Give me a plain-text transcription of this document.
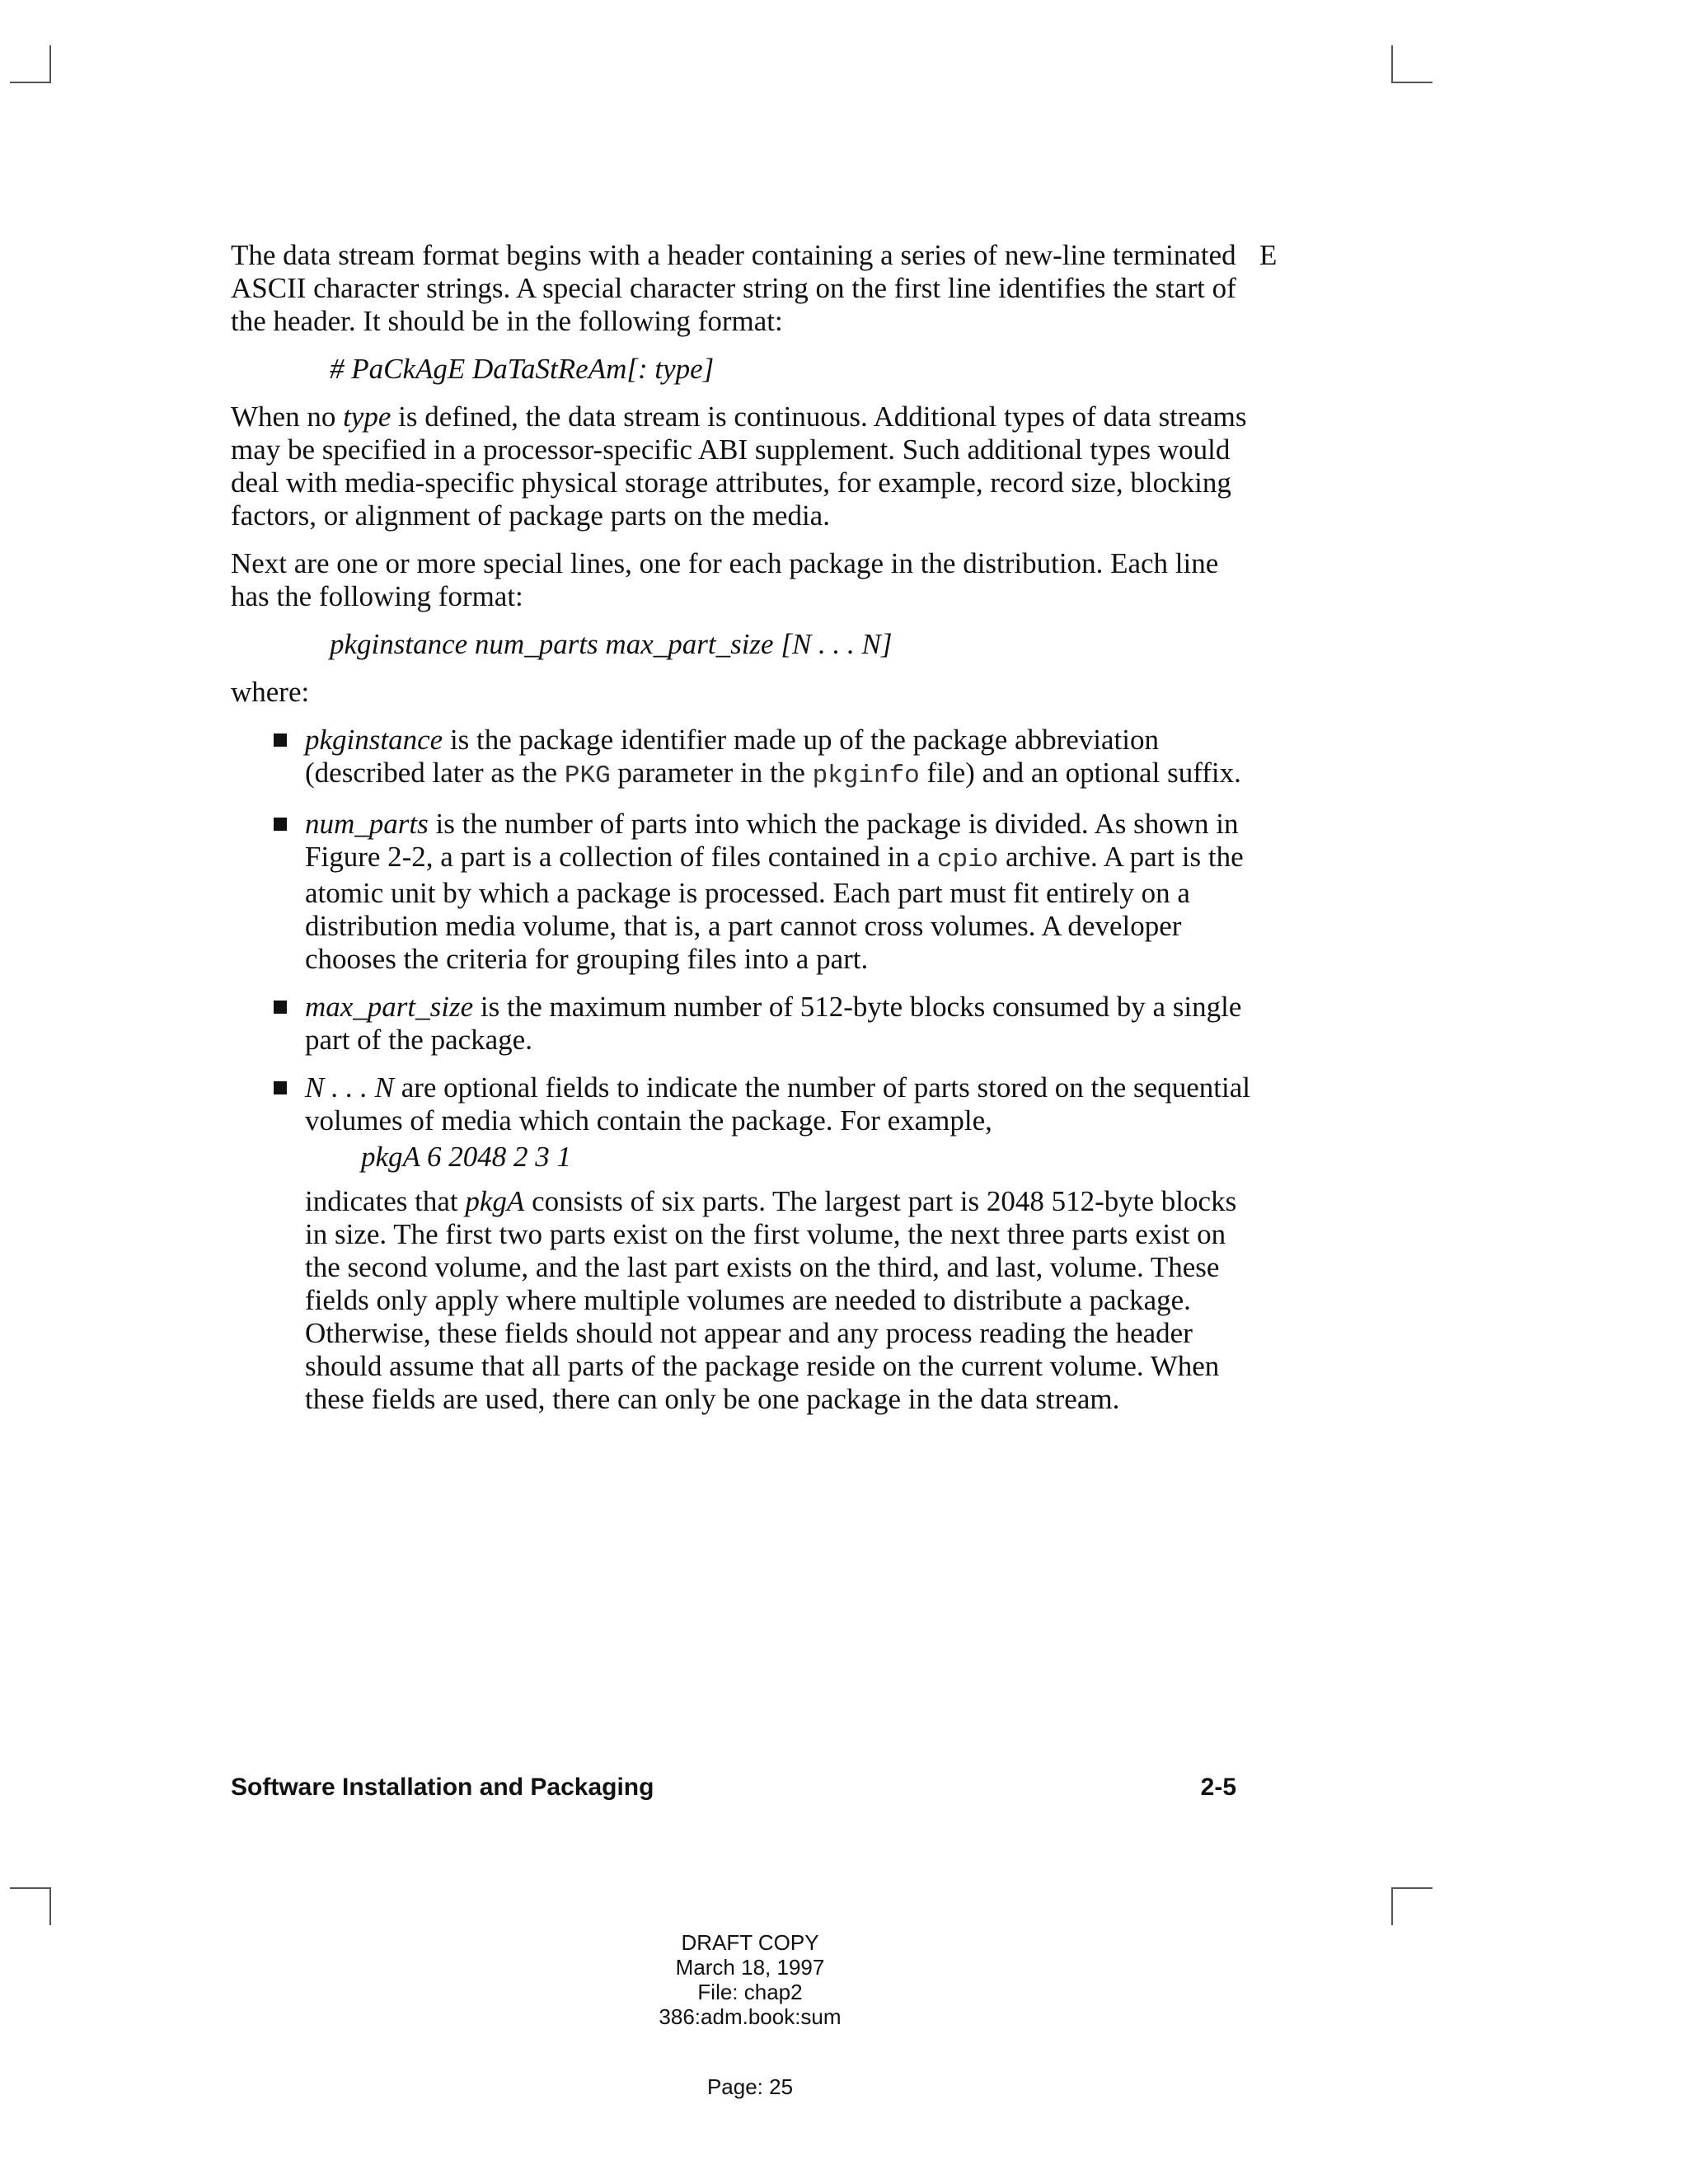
E

The data stream format begins with a header containing a series of new-line terminated ASCII character strings. A special character string on the first line identifies the start of the header. It should be in the following format:

# PaCkAgE DaTaStReAm[: type]

When no type is defined, the data stream is continuous. Additional types of data streams may be specified in a processor-specific ABI supplement. Such additional types would deal with media-specific physical storage attributes, for example, record size, blocking factors, or alignment of package parts on the media.

Next are one or more special lines, one for each package in the distribution. Each line has the following format:

pkginstance num_parts max_part_size [N . . . N]

where:

pkginstance is the package identifier made up of the package abbreviation (described later as the PKG parameter in the pkginfo file) and an optional suffix.
num_parts is the number of parts into which the package is divided. As shown in Figure 2-2, a part is a collection of files contained in a cpio archive. A part is the atomic unit by which a package is processed. Each part must fit entirely on a distribution media volume, that is, a part cannot cross volumes. A developer chooses the criteria for grouping files into a part.
max_part_size is the maximum number of 512-byte blocks consumed by a single part of the package.
N . . . N are optional fields to indicate the number of parts stored on the sequential volumes of media which contain the package. For example,
pkgA 6 2048 2 3 1

indicates that pkgA consists of six parts. The largest part is 2048 512-byte blocks in size. The first two parts exist on the first volume, the next three parts exist on the second volume, and the last part exists on the third, and last, volume. These fields only apply where multiple volumes are needed to distribute a package. Otherwise, these fields should not appear and any process reading the header should assume that all parts of the package reside on the current volume. When these fields are used, there can only be one package in the data stream.

Software Installation and Packaging	2-5
DRAFT COPY
March 18, 1997
File: chap2
386:adm.book:sum
Page: 25
